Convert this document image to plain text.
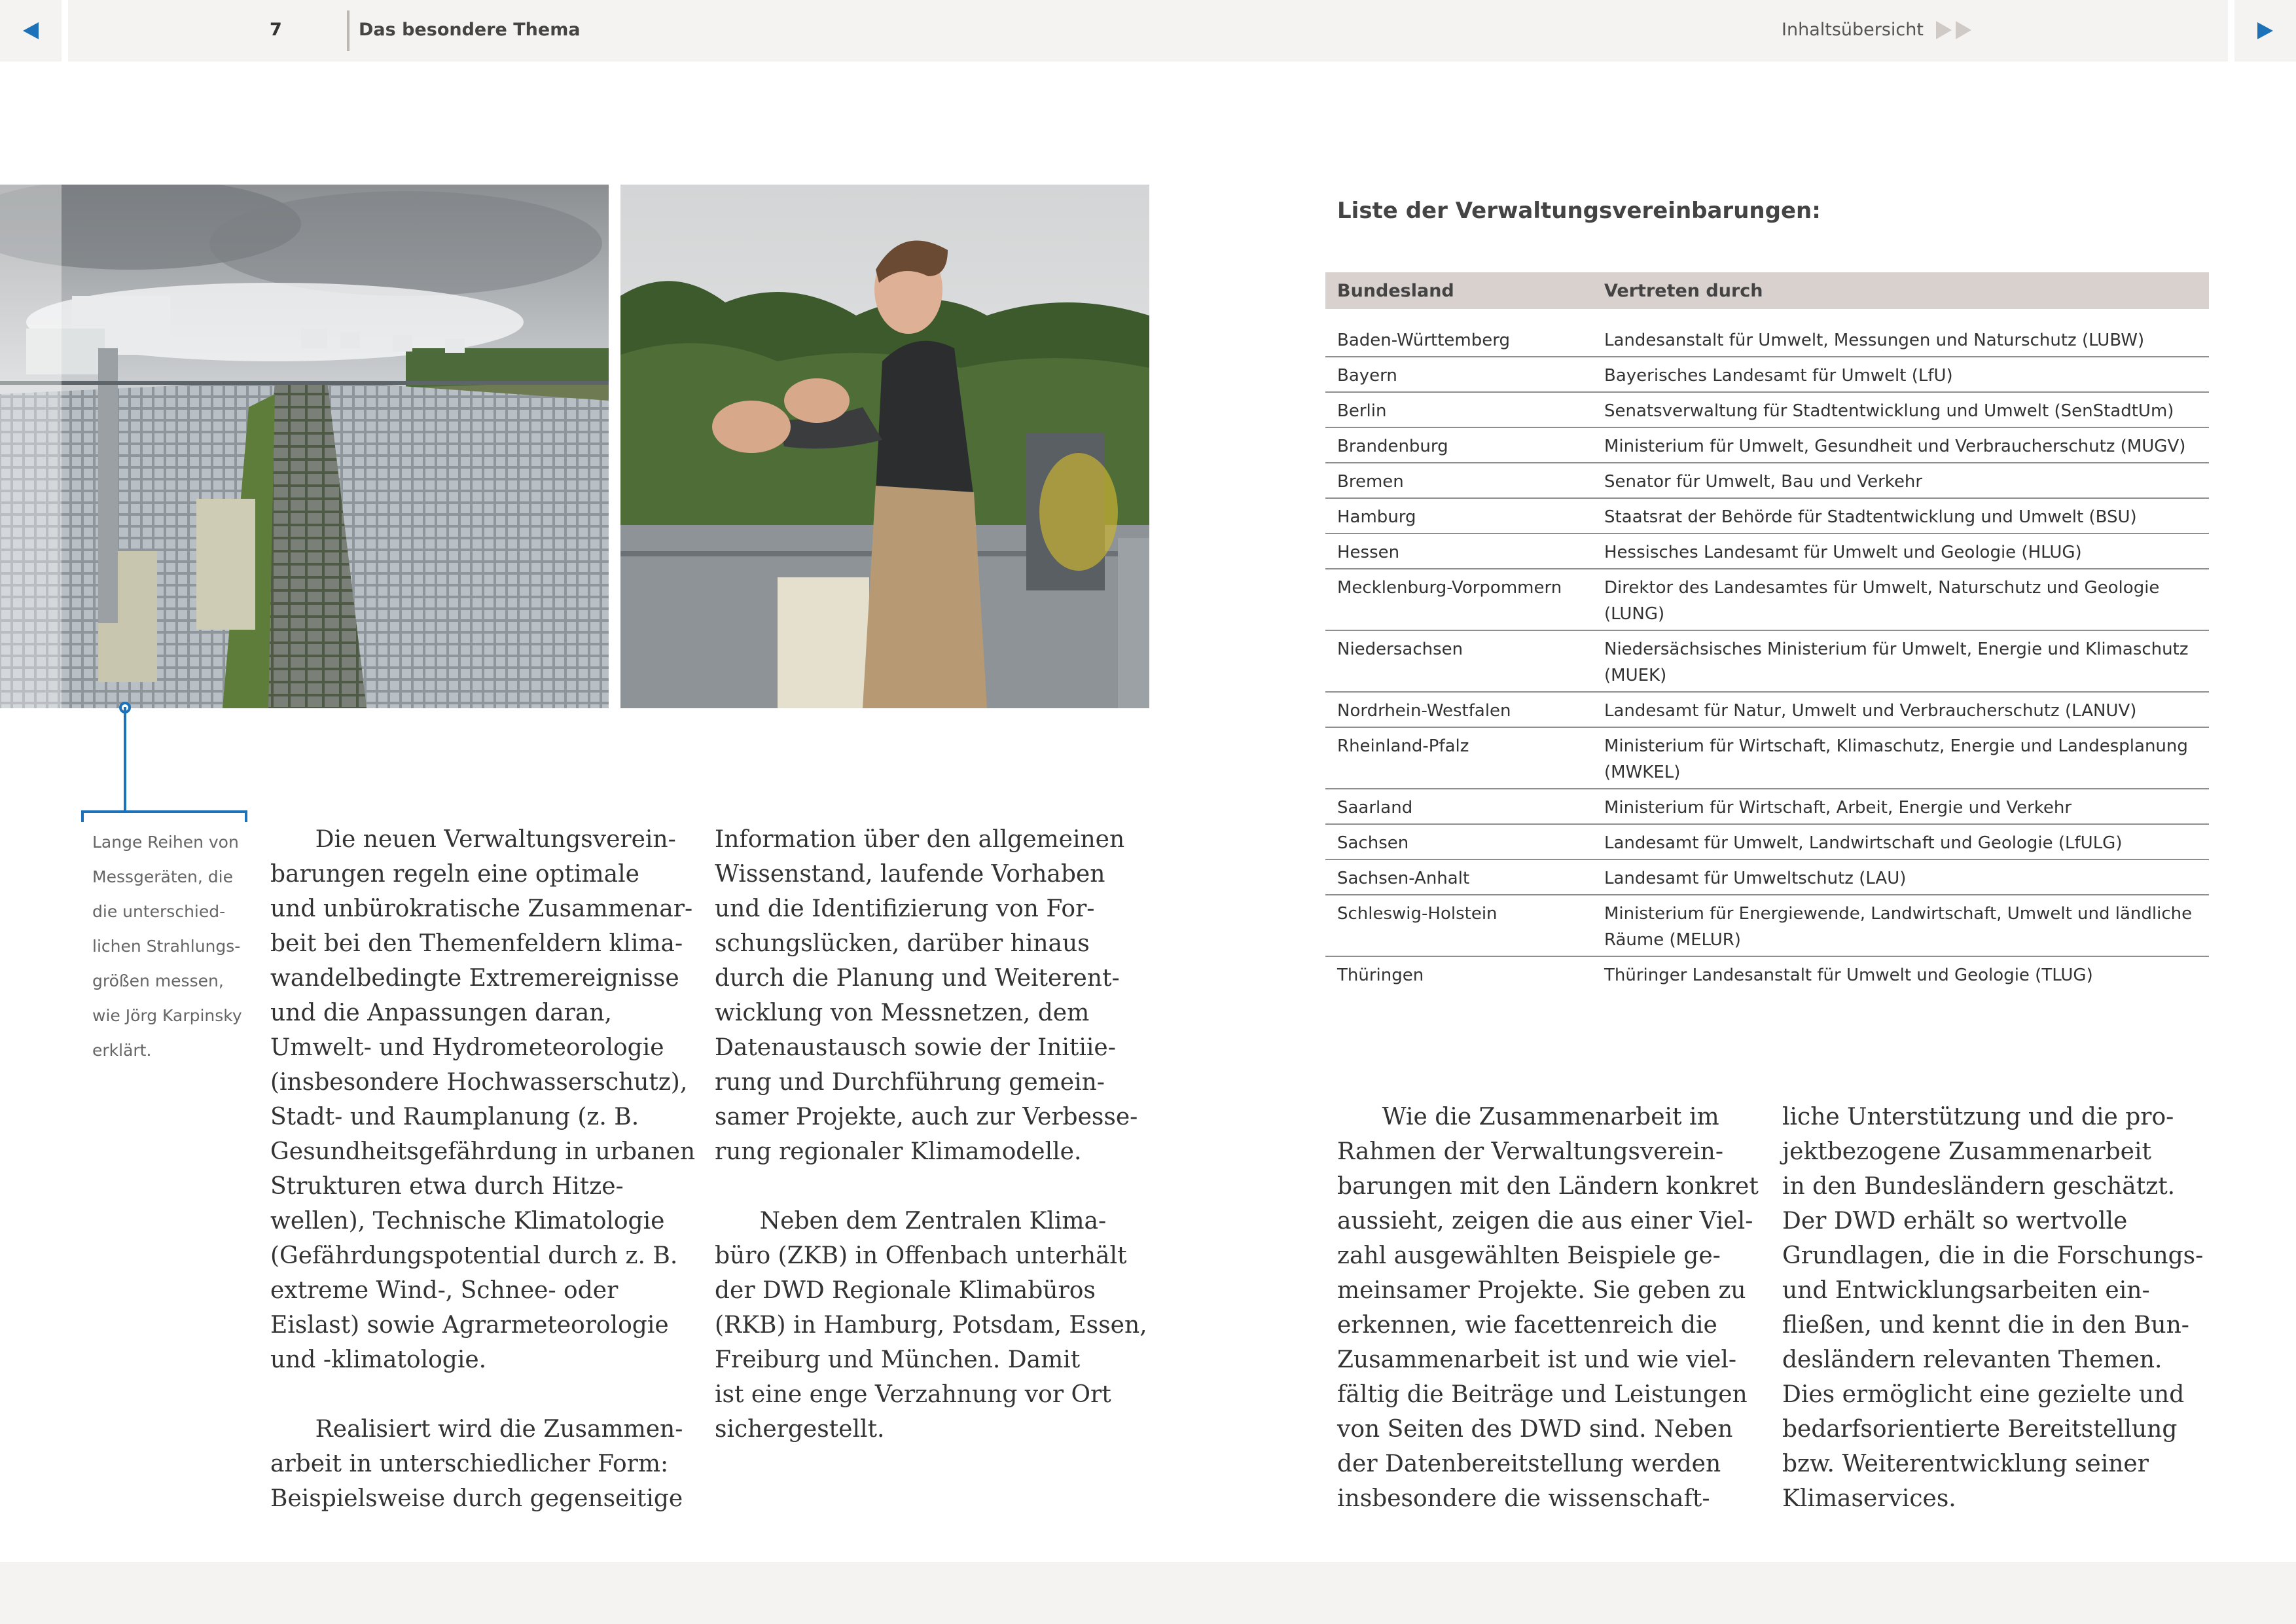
7	Das besondere Thema	Inhaltsübersicht
Lange Reihen von
Messgeräten, die
die unterschied-
lichen Strahlungs-
größen messen,
wie Jörg Karpinsky
erklärt.

Die neuen Verwaltungsverein-

barungen regeln eine optimale

und unbürokratische Zusammenar-

beit bei den Themenfeldern klima-

wandelbedingte Extremereignisse

und die Anpassungen daran,

Umwelt- und Hydrometeorologie

(insbesondere Hochwasserschutz),

Stadt- und Raumplanung (z. B.

Gesundheitsgefährdung in urbanen

Strukturen etwa durch Hitze-

wellen), Technische Klimatologie

(Gefährdungspotential durch z. B.

extreme Wind-, Schnee- oder

Eislast) sowie Agrarmeteorologie

und -klimatologie.

Realisiert wird die Zusammen-

arbeit in unterschiedlicher Form:

Beispielsweise durch gegenseitige

Information über den allgemeinen

Wissenstand, laufende Vorhaben

und die Identifizierung von For-

schungslücken, darüber hinaus

durch die Planung und Weiterent-

wicklung von Messnetzen, dem

Datenaustausch sowie der Initiie-

rung und Durchführung gemein-

samer Projekte, auch zur Verbesse-

rung regionaler Klimamodelle.

Neben dem Zentralen Klima-

büro (ZKB) in Offenbach unterhält

der DWD Regionale Klimabüros

(RKB) in Hamburg, Potsdam, Essen,

Freiburg und München. Damit

ist eine enge Verzahnung vor Ort

sichergestellt.

Wie die Zusammenarbeit im

Rahmen der Verwaltungsverein-

barungen mit den Ländern konkret

aussieht, zeigen die aus einer Viel-

zahl ausgewählten Beispiele ge-

meinsamer Projekte. Sie geben zu

erkennen, wie facettenreich die

Zusammenarbeit ist und wie viel-

fältig die Beiträge und Leistungen

von Seiten des DWD sind. Neben

der Datenbereitstellung werden

insbesondere die wissenschaft-

liche Unterstützung und die pro-

jektbezogene Zusammenarbeit

in den Bundesländern geschätzt.

Der DWD erhält so wertvolle

Grundlagen, die in die Forschungs-

und Entwicklungsarbeiten ein-

fließen, und kennt die in den Bun-

desländern relevanten Themen.

Dies ermöglicht eine gezielte und

bedarfsorientierte Bereitstellung

bzw. Weiterentwicklung seiner

Klimaservices.

Liste der Verwaltungsvereinbarungen:
Bundesland	Vertreten durch
Baden-Württemberg	Landesanstalt für Umwelt, Messungen und Naturschutz (LUBW)
Bayern	Bayerisches Landesamt für Umwelt (LfU)
Berlin	Senatsverwaltung für Stadtentwicklung und Umwelt (SenStadtUm)
Brandenburg	Ministerium für Umwelt, Gesundheit und Verbraucherschutz (MUGV)
Bremen	Senator für Umwelt, Bau und Verkehr
Hamburg	Staatsrat der Behörde für Stadtentwicklung und Umwelt (BSU)
Hessen	Hessisches Landesamt für Umwelt und Geologie (HLUG)
Mecklenburg-Vorpommern	Direktor des Landesamtes für Umwelt, Naturschutz und Geologie (LUNG)
Niedersachsen	Niedersächsisches Ministerium für Umwelt, Energie und Klimaschutz (MUEK)
Nordrhein-Westfalen	Landesamt für Natur, Umwelt und Verbraucherschutz (LANUV)
Rheinland-Pfalz	Ministerium für Wirtschaft, Klimaschutz, Energie und Landesplanung (MWKEL)
Saarland	Ministerium für Wirtschaft, Arbeit, Energie und Verkehr
Sachsen	Landesamt für Umwelt, Landwirtschaft und Geologie (LfULG)
Sachsen-Anhalt	Landesamt für Umweltschutz (LAU)
Schleswig-Holstein	Ministerium für Energiewende, Landwirtschaft, Umwelt und ländliche Räume (MELUR)
Thüringen	Thüringer Landesanstalt für Umwelt und Geologie (TLUG)
